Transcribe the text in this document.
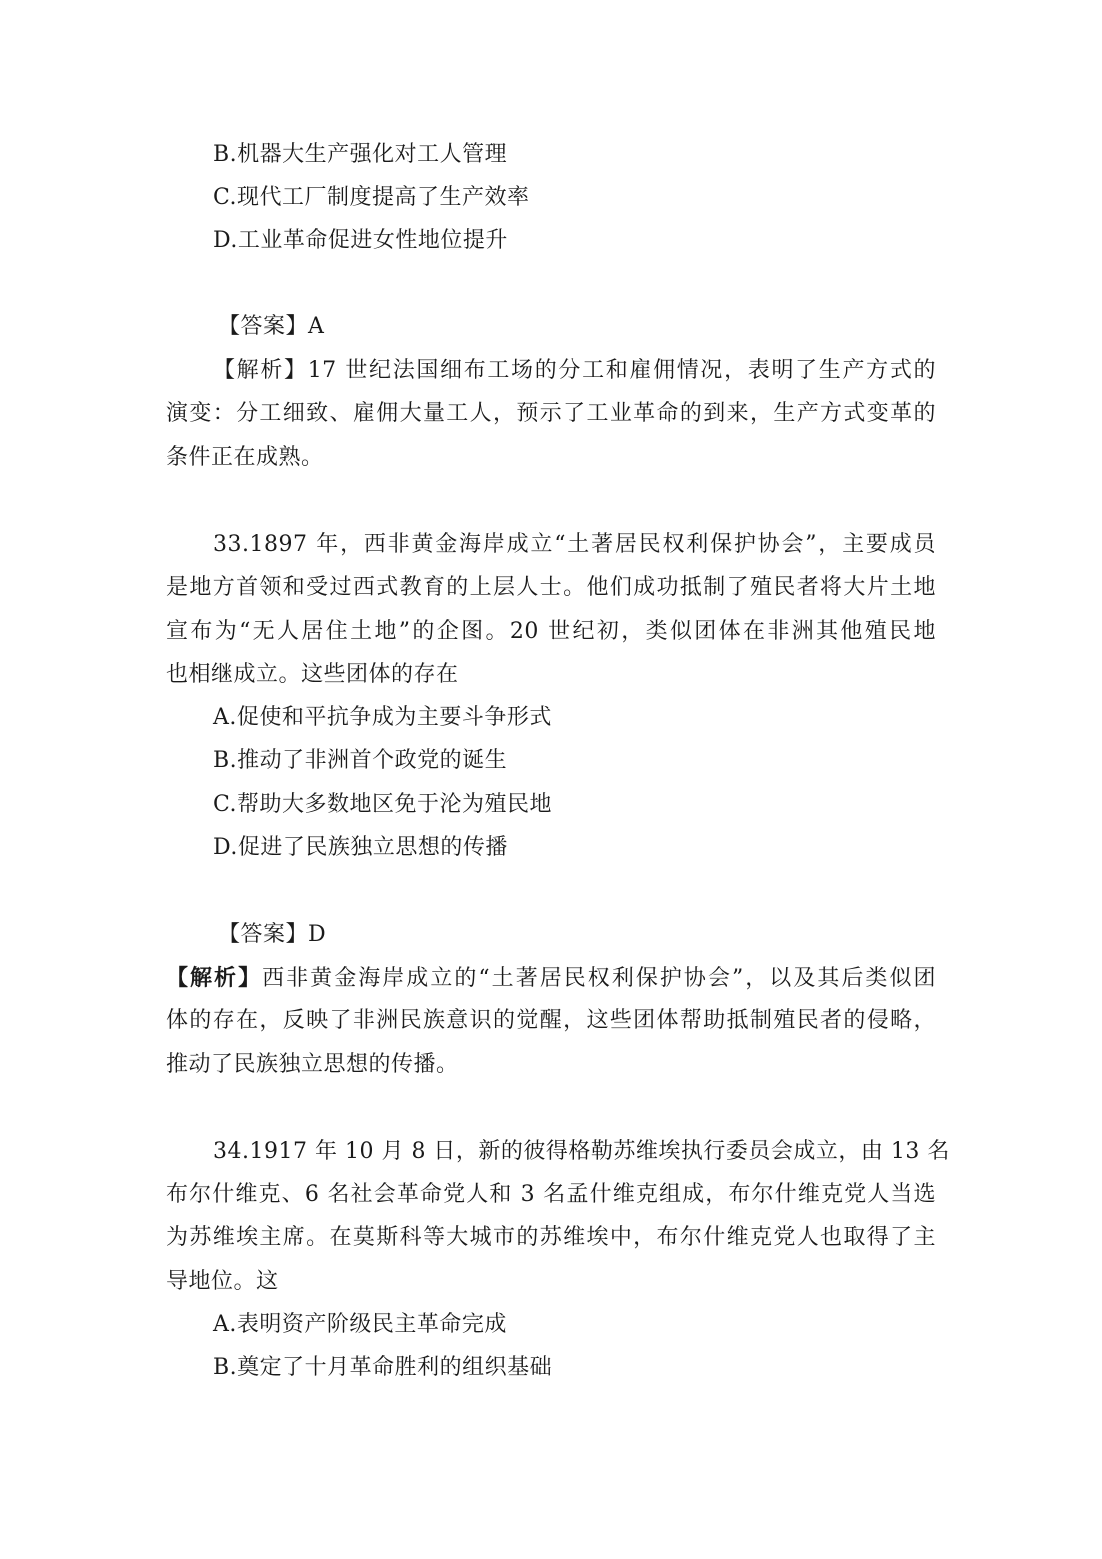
B.机器大生产强化对工人管理
C.现代工厂制度提高了生产效率
D.工业革命促进女性地位提升
【答案】A
【解析】17 世纪法国细布工场的分工和雇佣情况，表明了生产方式的
演变：分工细致、雇佣大量工人，预示了工业革命的到来，生产方式变革的
条件正在成熟。
33.1897 年，西非黄金海岸成立“土著居民权利保护协会”，主要成员
是地方首领和受过西式教育的上层人士。他们成功抵制了殖民者将大片土地
宣布为“无人居住土地”的企图。20 世纪初，类似团体在非洲其他殖民地
也相继成立。这些团体的存在
A.促使和平抗争成为主要斗争形式
B.推动了非洲首个政党的诞生
C.帮助大多数地区免于沦为殖民地
D.促进了民族独立思想的传播
【答案】D
【解析】西非黄金海岸成立的“土著居民权利保护协会”，以及其后类似团
体的存在，反映了非洲民族意识的觉醒，这些团体帮助抵制殖民者的侵略，
推动了民族独立思想的传播。
34.1917 年 10 月 8 日，新的彼得格勒苏维埃执行委员会成立，由 13 名
布尔什维克、6 名社会革命党人和 3 名孟什维克组成，布尔什维克党人当选
为苏维埃主席。在莫斯科等大城市的苏维埃中，布尔什维克党人也取得了主
导地位。这
A.表明资产阶级民主革命完成
B.奠定了十月革命胜利的组织基础
